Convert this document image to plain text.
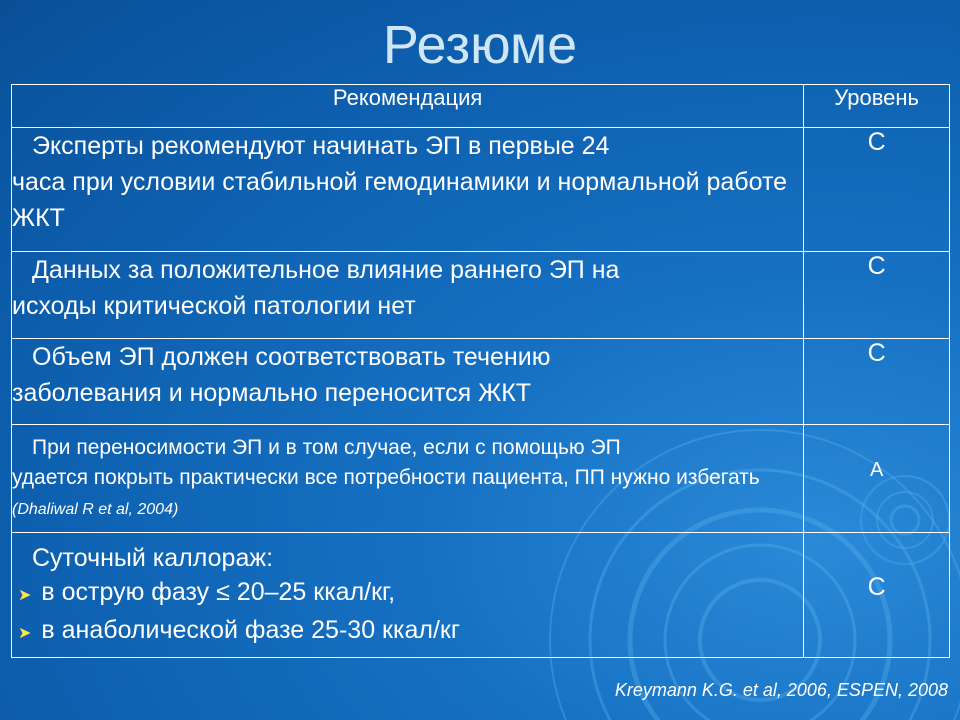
Резюме
Рекомендация	Уровень

Эксперты рекомендуют начинать ЭП в первые 24
часа при условии стабильной гемодинамики и нормальной работе ЖКТ	С

Данных за положительное влияние раннего ЭП на
исходы критической патологии нет	С

Объем ЭП должен соответствовать течению
заболевания и нормально переносится ЖКТ	С

При переносимости ЭП и в том случае, если с помощью ЭП
удается покрыть практически все потребности пациента, ПП нужно избегать (Dhaliwal R et al, 2004)	А

Суточный каллораж:
➤ в острую фазу ≤ 20–25 ккал/кг,
➤ в анаболической фазе 25-30 ккал/кг	С
Kreymann K.G. et al, 2006, ESPEN, 2008
